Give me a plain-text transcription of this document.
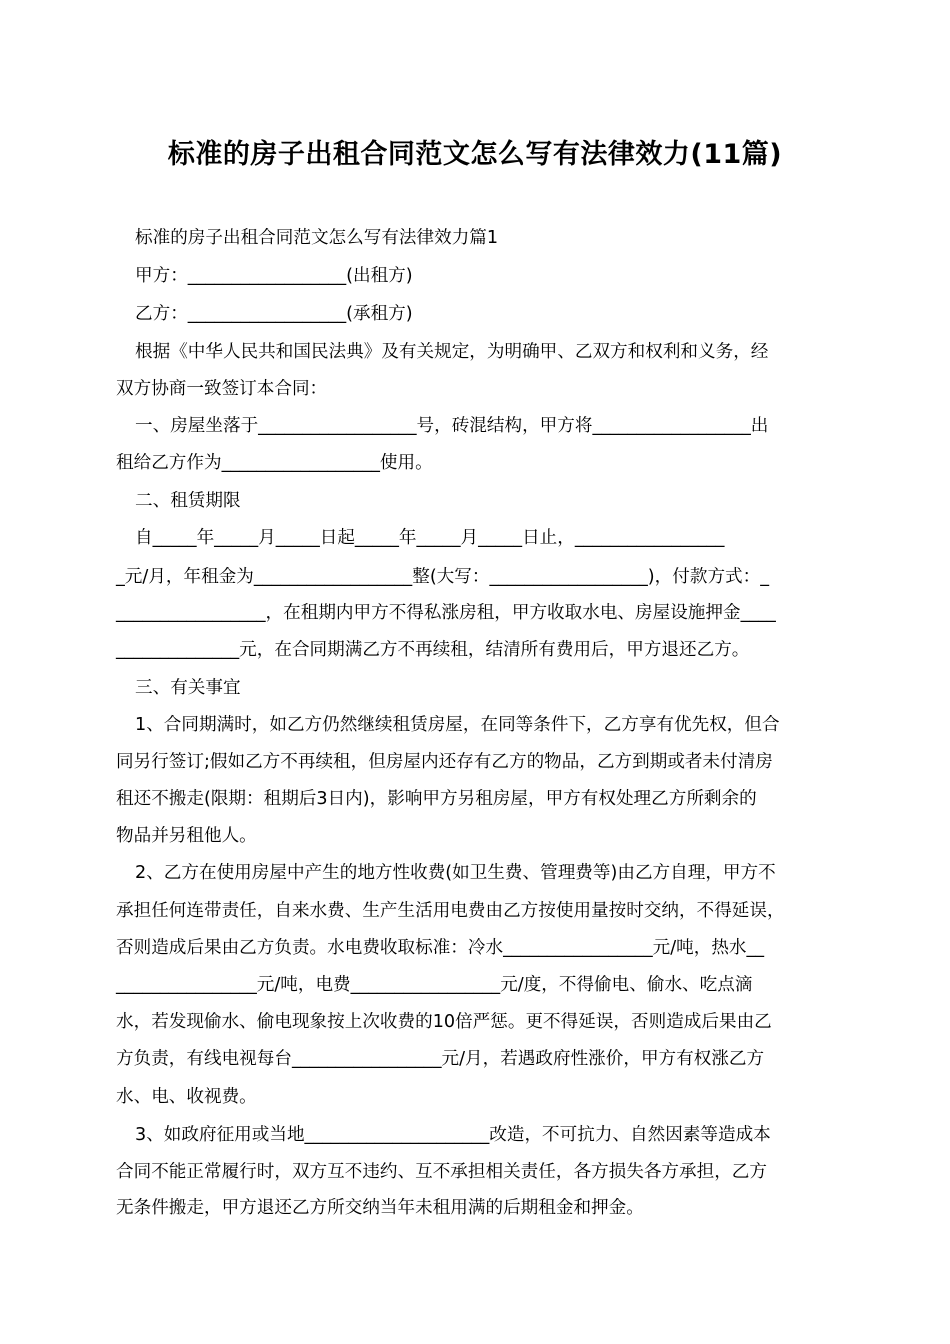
标准的房子出租合同范文怎么写有法律效力(11篇)

标准的房子出租合同范文怎么写有法律效力篇1

甲方：__________________(出租方)

乙方：__________________(承租方)

根据《中华人民共和国民法典》及有关规定，为明确甲、乙双方和权利和义务，经

双方协商一致签订本合同：

一、房屋坐落于__________________号，砖混结构，甲方将__________________出

租给乙方作为__________________使用。

二、租赁期限

自_____年_____月_____日起_____年_____月_____日止，_________________

_元/月，年租金为__________________整(大写：__________________)，付款方式：_

_________________，在租期内甲方不得私涨房租，甲方收取水电、房屋设施押金____

______________元，在合同期满乙方不再续租，结清所有费用后，甲方退还乙方。

三、有关事宜

1、合同期满时，如乙方仍然继续租赁房屋，在同等条件下，乙方享有优先权，但合

同另行签订;假如乙方不再续租，但房屋内还存有乙方的物品，乙方到期或者未付清房

租还不搬走(限期：租期后3日内)，影响甲方另租房屋，甲方有权处理乙方所剩余的

物品并另租他人。

2、乙方在使用房屋中产生的地方性收费(如卫生费、管理费等)由乙方自理，甲方不

承担任何连带责任，自来水费、生产生活用电费由乙方按使用量按时交纳，不得延误，

否则造成后果由乙方负责。水电费收取标准：冷水_________________元/吨，热水__

________________元/吨，电费_________________元/度，不得偷电、偷水、吃点滴

水，若发现偷水、偷电现象按上次收费的10倍严惩。更不得延误，否则造成后果由乙

方负责，有线电视每台_________________元/月，若遇政府性涨价，甲方有权涨乙方

水、电、收视费。

3、如政府征用或当地_____________________改造，不可抗力、自然因素等造成本

合同不能正常履行时，双方互不违约、互不承担相关责任，各方损失各方承担，乙方

无条件搬走，甲方退还乙方所交纳当年未租用满的后期租金和押金。
